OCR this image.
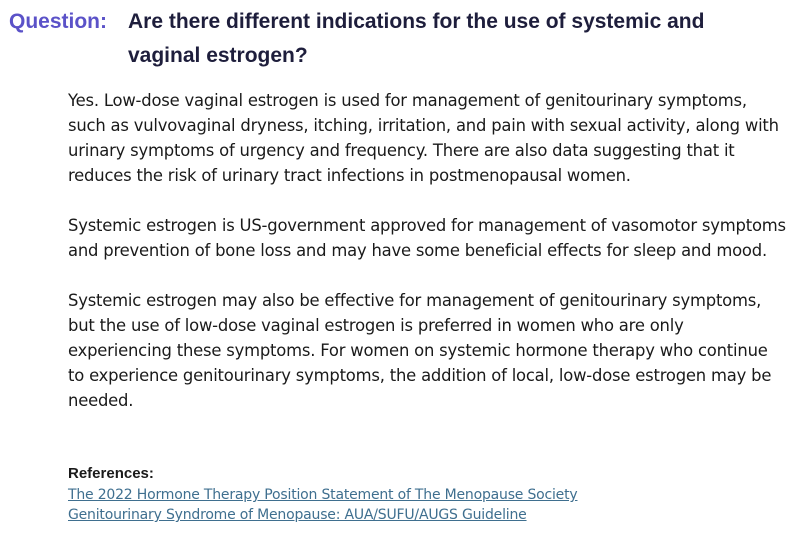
Question: Are there different indications for the use of systemic and vaginal estrogen?

Yes. Low-dose vaginal estrogen is used for management of genitourinary symptoms, such as vulvovaginal dryness, itching, irritation, and pain with sexual activity, along with urinary symptoms of urgency and frequency. There are also data suggesting that it reduces the risk of urinary tract infections in postmenopausal women.

Systemic estrogen is US-government approved for management of vasomotor symptoms and prevention of bone loss and may have some beneficial effects for sleep and mood.

Systemic estrogen may also be effective for management of genitourinary symptoms, but the use of low-dose vaginal estrogen is preferred in women who are only experiencing these symptoms. For women on systemic hormone therapy who continue to experience genitourinary symptoms, the addition of local, low-dose estrogen may be needed.

References:
The 2022 Hormone Therapy Position Statement of The Menopause Society
Genitourinary Syndrome of Menopause: AUA/SUFU/AUGS Guideline
